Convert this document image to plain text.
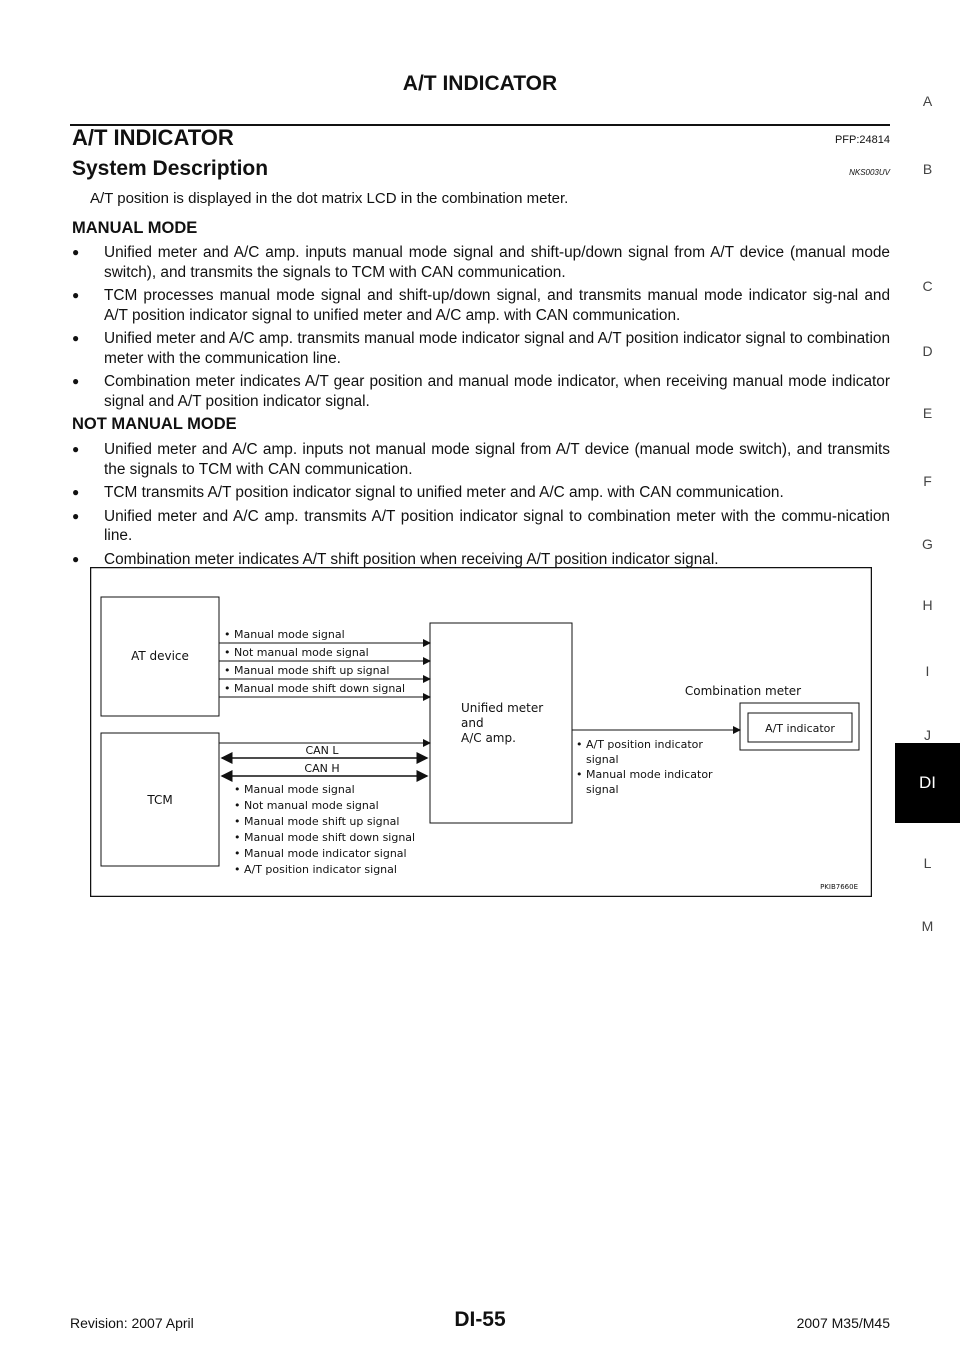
A/T INDICATOR
A/T INDICATOR	PFP:24814
System Description	NKS003UV
A/T position is displayed in the dot matrix LCD in the combination meter.
MANUAL MODE
● Unified meter and A/C amp. inputs manual mode signal and shift-up/down signal from A/T device (manual mode switch), and transmits the signals to TCM with CAN communication.
● TCM processes manual mode signal and shift-up/down signal, and transmits manual mode indicator sig-nal and A/T position indicator signal to unified meter and A/C amp. with CAN communication.
● Unified meter and A/C amp. transmits manual mode indicator signal and A/T position indicator signal to combination meter with the communication line.
● Combination meter indicates A/T gear position and manual mode indicator, when receiving manual mode indicator signal and A/T position indicator signal.
NOT MANUAL MODE
● Unified meter and A/C amp. inputs not manual mode signal from A/T device (manual mode switch), and transmits the signals to TCM with CAN communication.
● TCM transmits A/T position indicator signal to unified meter and A/C amp. with CAN communication.
● Unified meter and A/C amp. transmits A/T position indicator signal to combination meter with the commu-nication line.
● Combination meter indicates A/T shift position when receiving A/T position indicator signal.
AT device
TCM
Unified meter
and
A/C amp.
Combination meter
A/T indicator
• Manual mode signal
• Not manual mode signal
• Manual mode shift up signal
• Manual mode shift down signal
CAN L
CAN H
• Manual mode signal
• Not manual mode signal
• Manual mode shift up signal
• Manual mode shift down signal
• Manual mode indicator signal
• A/T position indicator signal
• A/T position indicator
signal
• Manual mode indicator
signal
PKIB7660E
A
B
C
D
E
F
G
H
I
J
DI
L
M
Revision: 2007 April	DI-55	2007 M35/M45
